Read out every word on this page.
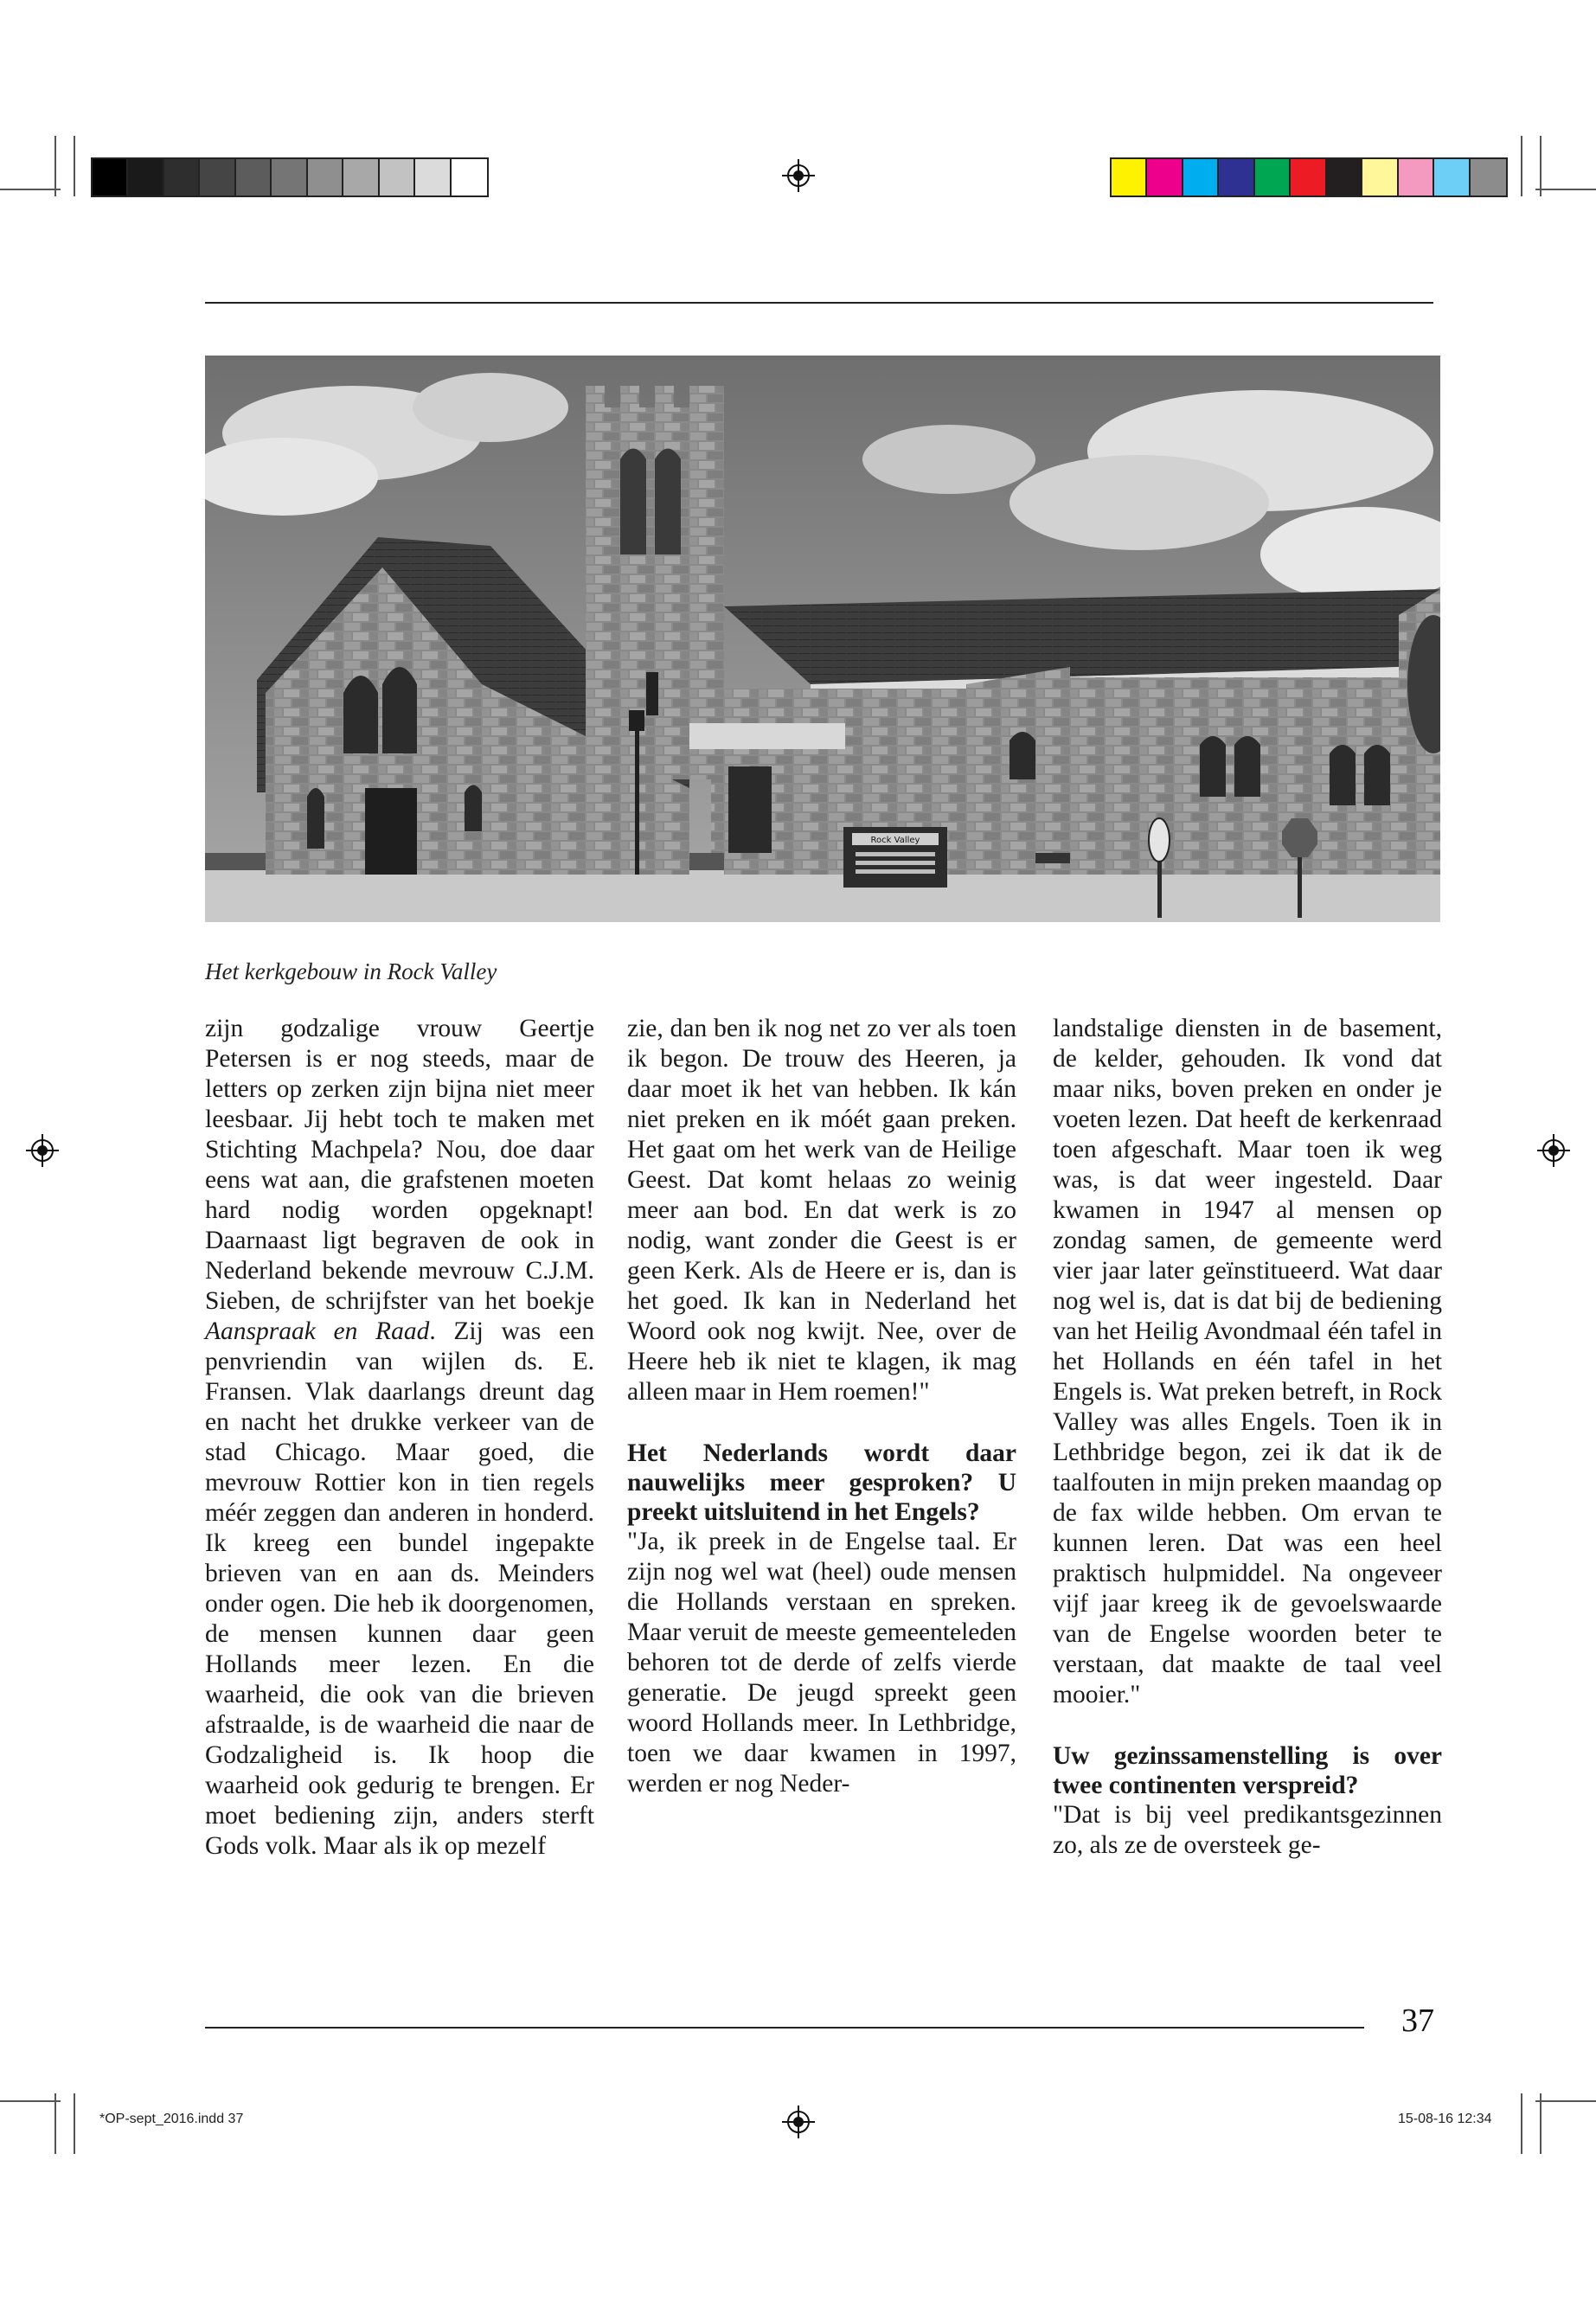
Rock Valley
Het kerkgebouw in Rock Valley

zijn godzalige vrouw Geertje Petersen is er nog steeds, maar de letters op zerken zijn bijna niet meer leesbaar. Jij hebt toch te maken met Stichting Machpela? Nou, doe daar eens wat aan, die grafstenen moeten hard nodig worden opgeknapt! Daarnaast ligt begraven de ook in Nederland bekende mevrouw C.J.M. Sieben, de schrijfster van het boekje Aanspraak en Raad. Zij was een penvriendin van wijlen ds. E. Fransen. Vlak daarlangs dreunt dag en nacht het drukke verkeer van de stad Chicago. Maar goed, die mevrouw Rottier kon in tien regels méér zeggen dan anderen in honderd. Ik kreeg een bundel ingepakte brieven van en aan ds. Meinders onder ogen. Die heb ik doorgenomen, de mensen kunnen daar geen Hollands meer lezen. En die waarheid, die ook van die brieven afstraalde, is de waarheid die naar de Godzaligheid is. Ik hoop die waarheid ook gedurig te brengen. Er moet bediening zijn, anders sterft Gods volk. Maar als ik op mezelf

zie, dan ben ik nog net zo ver als toen ik begon. De trouw des Heeren, ja daar moet ik het van hebben. Ik kán niet preken en ik móét gaan preken. Het gaat om het werk van de Heilige Geest. Dat komt helaas zo weinig meer aan bod. En dat werk is zo nodig, want zonder die Geest is er geen Kerk. Als de Heere er is, dan is het goed. Ik kan in Nederland het Woord ook nog kwijt. Nee, over de Heere heb ik niet te klagen, ik mag alleen maar in Hem roemen!"

Het Nederlands wordt daar nauwelijks meer gesproken? U preekt uitsluitend in het Engels?

"Ja, ik preek in de Engelse taal. Er zijn nog wel wat (heel) oude mensen die Hollands verstaan en spreken. Maar veruit de meeste gemeenteleden behoren tot de derde of zelfs vierde generatie. De jeugd spreekt geen woord Hollands meer. In Lethbridge, toen we daar kwamen in 1997, werden er nog Neder-

landstalige diensten in de basement, de kelder, gehouden. Ik vond dat maar niks, boven preken en onder je voeten lezen. Dat heeft de kerkenraad toen afgeschaft. Maar toen ik weg was, is dat weer ingesteld. Daar kwamen in 1947 al mensen op zondag samen, de gemeente werd vier jaar later geïnstitueerd. Wat daar nog wel is, dat is dat bij de bediening van het Heilig Avondmaal één tafel in het Hollands en één tafel in het Engels is. Wat preken betreft, in Rock Valley was alles Engels. Toen ik in Lethbridge begon, zei ik dat ik de taalfouten in mijn preken maandag op de fax wilde hebben. Om ervan te kunnen leren. Dat was een heel praktisch hulpmiddel. Na ongeveer vijf jaar kreeg ik de gevoelswaarde van de Engelse woorden beter te verstaan, dat maakte de taal veel mooier."

Uw gezinssamenstelling is over twee continenten verspreid?

"Dat is bij veel predikantsgezinnen zo, als ze de oversteek ge-

37
*OP-sept_2016.indd 37	15-08-16 12:34
